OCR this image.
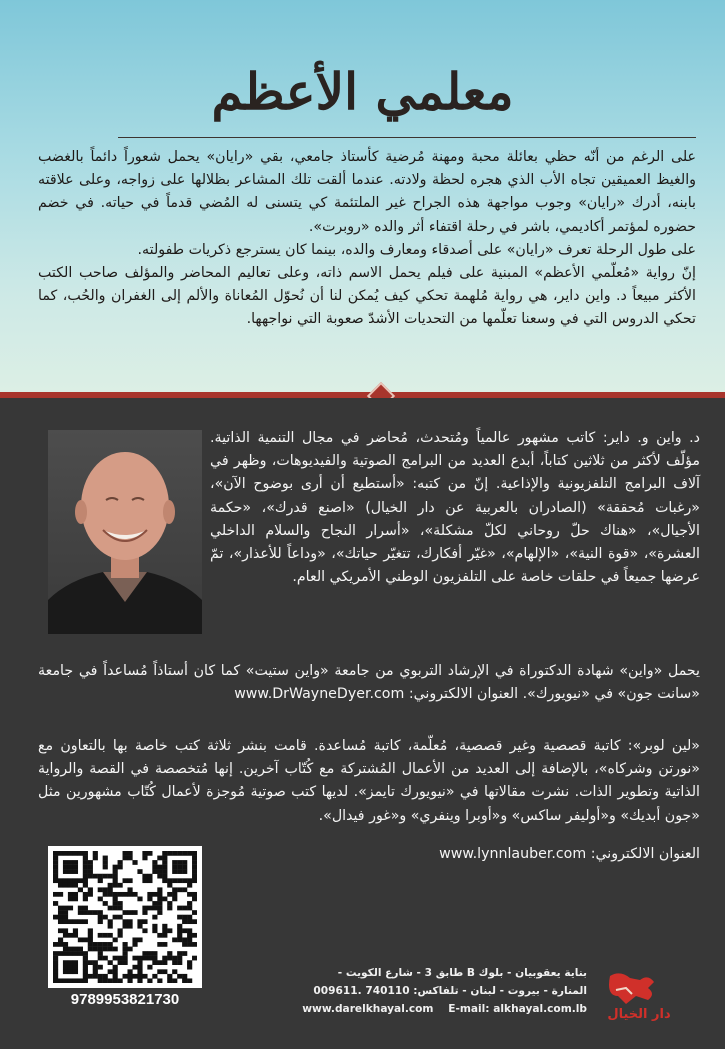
معلمي الأعظم

على الرغم من أنّه حظي بعائلة محبة ومهنة مُرضية كأستاذ جامعي، بقي «رايان» يحمل شعوراً دائماً بالغضب والغيظ العميقين تجاه الأب الذي هجره لحظة ولادته. عندما ألقت تلك المشاعر بظلالها على زواجه، وعلى علاقته بابنه، أدرك «رايان» وجوب مواجهة هذه الجراح غير الملتئمة كي يتسنى له المُضي قدماً في حياته. في خضم حضوره لمؤتمر أكاديمي، باشر في رحلة اقتفاء أثر والده «روبرت».

على طول الرحلة تعرف «رايان» على أصدقاء ومعارف والده، بينما كان يسترجع ذكريات طفولته.

إنّ رواية «مُعلّمي الأعظم» المبنية على فيلم يحمل الاسم ذاته، وعلى تعاليم المحاضر والمؤلف صاحب الكتب الأكثر مبيعاً د. واين داير، هي رواية مُلهمة تحكي كيف يُمكن لنا أن نُحوّل المُعاناة والألم إلى الغفران والحُب، كما تحكي الدروس التي في وسعنا تعلّمها من التحديات الأشدّ صعوبة التي نواجهها.

د. واين و. داير: كاتب مشهور عالمياً ومُتحدث، مُحاضر في مجال التنمية الذاتية. مؤلّف لأكثر من ثلاثين كتاباً، أبدع العديد من البرامج الصوتية والفيديوهات، وظهر في آلاف البرامج التلفزيونية والإذاعية. إنّ من كتبه: «أستطيع أن أرى بوضوح الآن»، «رغبات مُحققة» (الصادران بالعربية عن دار الخيال) «اصنع قدرك»، «حكمة الأجيال»، «هناك حلّ روحاني لكلّ مشكلة»، «أسرار النجاح والسلام الداخلي العشرة»، «قوة النية»، «الإلهام»، «غيّر أفكارك، تتغيّر حياتك»، «وداعاً للأعذار»، تمّ عرضها جميعاً في حلقات خاصة على التلفزيون الوطني الأمريكي العام.

يحمل «واين» شهادة الدكتوراة في الإرشاد التربوي من جامعة «واين ستيت» كما كان أستاذاً مُساعداً في جامعة «سانت جون» في «نيويورك». العنوان الالكتروني: www.DrWayneDyer.com

«لين لوبر»: كاتبة قصصية وغير قصصية، مُعلّمة، كاتبة مُساعدة. قامت بنشر ثلاثة كتب خاصة بها بالتعاون مع «نورتن وشركاه»، بالإضافة إلى العديد من الأعمال المُشتركة مع كُتّاب آخرين. إنها مُتخصصة في القصة والرواية الذاتية وتطوير الذات. نشرت مقالاتها في «نيويورك تايمز». لديها كتب صوتية مُوجزة لأعمال كُتّاب مشهورين مثل «جون أبديك» و«أوليفر ساكس» و«أوبرا وينفري» و«غور فيدال».

العنوان الالكتروني: www.lynnlauber.com
9789953821730
بناية يعقوبيان - بلوك B طابق 3 - شارع الكويت -
المنارة - بيروت - لبنان - تلفاكس: 740110 .009611
www.darelkhayal.com E-mail: alkhayal.com.lb دار الخيال
